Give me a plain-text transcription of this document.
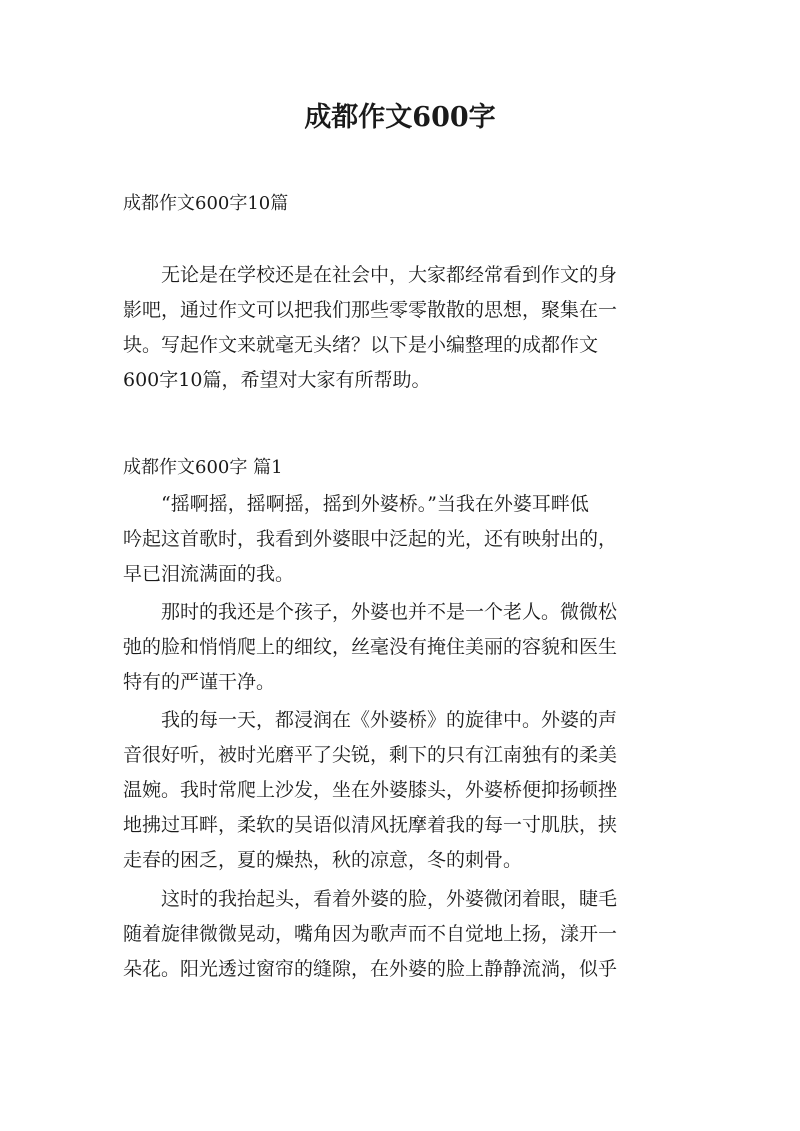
成都作文600字

成都作文600字10篇

无论是在学校还是在社会中，大家都经常看到作文的身
影吧，通过作文可以把我们那些零零散散的思想，聚集在一
块。写起作文来就毫无头绪？以下是小编整理的成都作文
600字10篇，希望对大家有所帮助。

成都作文600字 篇1

“摇啊摇，摇啊摇，摇到外婆桥。”当我在外婆耳畔低
吟起这首歌时，我看到外婆眼中泛起的光，还有映射出的，
早已泪流满面的我。
那时的我还是个孩子，外婆也并不是一个老人。微微松
弛的脸和悄悄爬上的细纹，丝毫没有掩住美丽的容貌和医生
特有的严谨干净。
我的每一天，都浸润在《外婆桥》的旋律中。外婆的声
音很好听，被时光磨平了尖锐，剩下的只有江南独有的柔美
温婉。我时常爬上沙发，坐在外婆膝头，外婆桥便抑扬顿挫
地拂过耳畔，柔软的吴语似清风抚摩着我的每一寸肌肤，挟
走春的困乏，夏的燥热，秋的凉意，冬的刺骨。
这时的我抬起头，看着外婆的脸，外婆微闭着眼，睫毛
随着旋律微微晃动，嘴角因为歌声而不自觉地上扬，漾开一
朵花。阳光透过窗帘的缝隙，在外婆的脸上静静流淌，似乎
